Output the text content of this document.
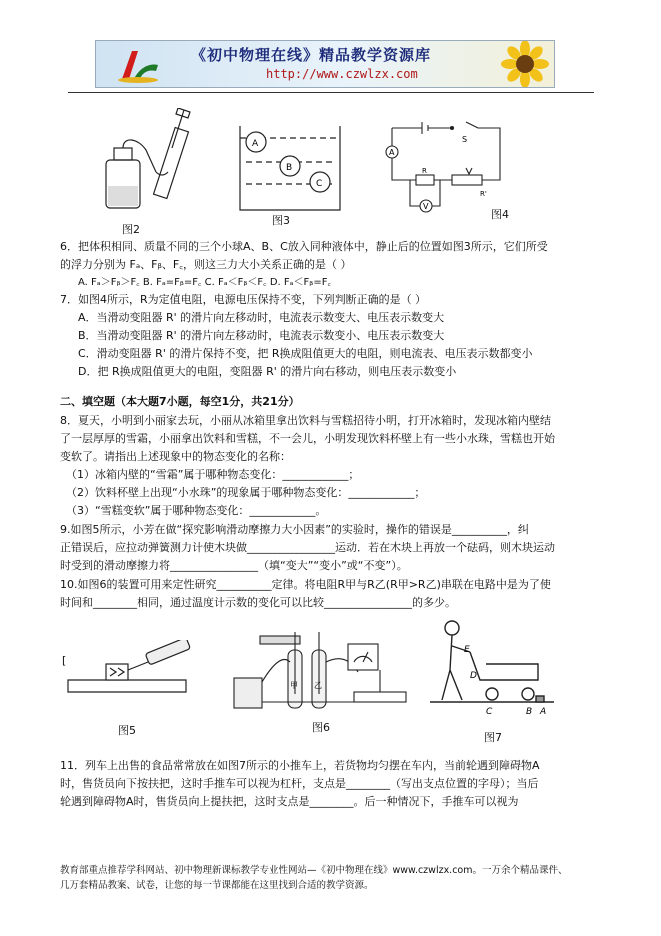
《初中物理在线》精品教学资源库
http://www.czwlzx.com
图2
A
B
C
图3
S
A
R
V
R'
图4
6．把体积相同、质量不同的三个小球A、B、C放入同种液体中，静止后的位置如图3所示，它们所受
的浮力分别为 Fₐ、Fᵦ、F꜀，则这三力大小关系正确的是（ ）
A. Fₐ＞Fᵦ＞F꜀ B. Fₐ=Fᵦ=F꜀ C. Fₐ＜Fᵦ＜F꜀ D. Fₐ＜Fᵦ=F꜀
7．如图4所示，R为定值电阻，电源电压保持不变，下列判断正确的是（ ）
A．当滑动变阻器 R' 的滑片向左移动时，电流表示数变大、电压表示数变大
B．当滑动变阻器 R' 的滑片向左移动时，电流表示数变小、电压表示数变大
C．滑动变阻器 R' 的滑片保持不变，把 R换成阻值更大的电阻，则电流表、电压表示数都变小
D．把 R换成阻值更大的电阻，变阻器 R' 的滑片向右移动，则电压表示数变小
二、填空题（本大题7小题，每空1分，共21分）
8．夏天，小明到小丽家去玩，小丽从冰箱里拿出饮料与雪糕招待小明，打开冰箱时，发现冰箱内壁结
了一层厚厚的雪霜，小丽拿出饮料和雪糕，不一会儿，小明发现饮料杯壁上有一些小水珠，雪糕也开始
变软了。请指出上述现象中的物态变化的名称：
（1）冰箱内壁的“雪霜”属于哪种物态变化：____________；
（2）饮料杯壁上出现“小水珠”的现象属于哪种物态变化：____________；
（3）“雪糕变软”属于哪种物态变化：____________。
9.如图5所示，小芳在做“探究影响滑动摩擦力大小因素”的实验时，操作的错误是__________，纠
正错误后，应拉动弹簧测力计使木块做________________运动．若在木块上再放一个砝码，则木块运动
时受到的滑动摩擦力将________________（填“变大”“变小”或“不变”）。
10.如图6的装置可用来定性研究__________定律。将电阻R甲与R乙(R甲>R乙)串联在电路中是为了使
时间和________相同，通过温度计示数的变化可以比较________________的多少。
[
图5
甲 乙
图6
E
D
C	B A
图7
11．列车上出售的食品常常放在如图7所示的小推车上，若货物均匀摆在车内，当前轮遇到障碍物A
时，售货员向下按扶把，这时手推车可以视为杠杆，支点是________（写出支点位置的字母）；当后
轮遇到障碍物A时，售货员向上提扶把，这时支点是________。后一种情况下，手推车可以视为
教育部重点推荐学科网站、初中物理新课标教学专业性网站—《初中物理在线》www.czwlzx.com。一万余个精品课件、
几万套精品教案、试卷，让您的每一节课都能在这里找到合适的教学资源。
